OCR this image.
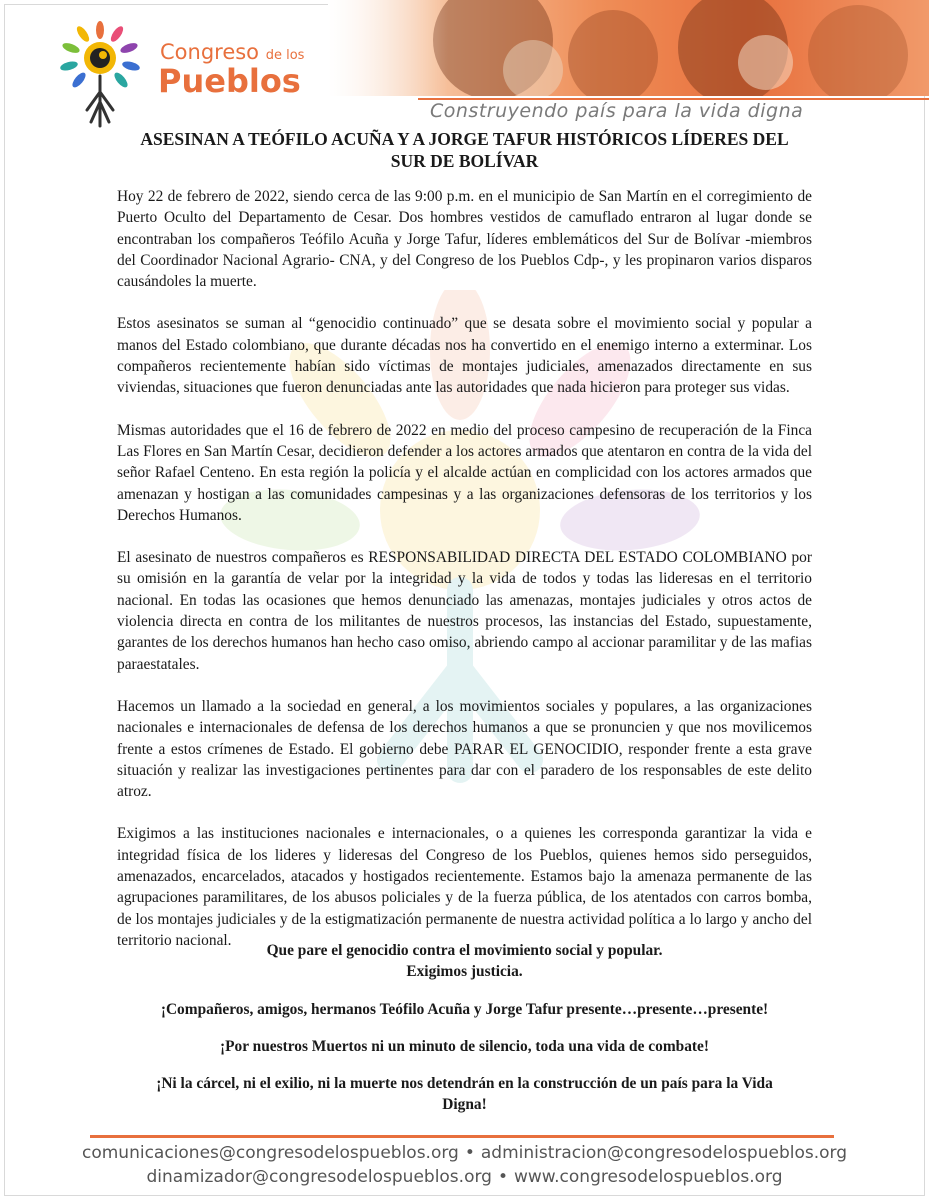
Construyendo país para la vida digna
Congreso de los
Pueblos
ASESINAN A TEÓFILO ACUÑA Y A JORGE TAFUR HISTÓRICOS LÍDERES DEL
SUR DE BOLÍVAR

Hoy 22 de febrero de 2022, siendo cerca de las 9:00 p.m. en el municipio de San Martín en el corregimiento de Puerto Oculto del Departamento de Cesar. Dos hombres vestidos de camuflado entraron al lugar donde se encontraban los compañeros Teófilo Acuña y Jorge Tafur, líderes emblemáticos del Sur de Bolívar -miembros del Coordinador Nacional Agrario- CNA, y del Congreso de los Pueblos Cdp-, y les propinaron varios disparos causándoles la muerte.

Estos asesinatos se suman al “genocidio continuado” que se desata sobre el movimiento social y popular a manos del Estado colombiano, que durante décadas nos ha convertido en el enemigo interno a exterminar. Los compañeros recientemente habían sido víctimas de montajes judiciales, amenazados directamente en sus viviendas, situaciones que fueron denunciadas ante las autoridades que nada hicieron para proteger sus vidas.

Mismas autoridades que el 16 de febrero de 2022 en medio del proceso campesino de recuperación de la Finca Las Flores en San Martín Cesar, decidieron defender a los actores armados que atentaron en contra de la vida del señor Rafael Centeno. En esta región la policía y el alcalde actúan en complicidad con los actores armados que amenazan y hostigan a las comunidades campesinas y a las organizaciones defensoras de los territorios y los Derechos Humanos.

El asesinato de nuestros compañeros es RESPONSABILIDAD DIRECTA DEL ESTADO COLOMBIANO por su omisión en la garantía de velar por la integridad y la vida de todos y todas las lideresas en el territorio nacional. En todas las ocasiones que hemos denunciado las amenazas, montajes judiciales y otros actos de violencia directa en contra de los militantes de nuestros procesos, las instancias del Estado, supuestamente, garantes de los derechos humanos han hecho caso omiso, abriendo campo al accionar paramilitar y de las mafias paraestatales.

Hacemos un llamado a la sociedad en general, a los movimientos sociales y populares, a las organizaciones nacionales e internacionales de defensa de los derechos humanos a que se pronuncien y que nos movilicemos frente a estos crímenes de Estado. El gobierno debe PARAR EL GENOCIDIO, responder frente a esta grave situación y realizar las investigaciones pertinentes para dar con el paradero de los responsables de este delito atroz.

Exigimos a las instituciones nacionales e internacionales, o a quienes les corresponda garantizar la vida e integridad física de los lideres y lideresas del Congreso de los Pueblos, quienes hemos sido perseguidos, amenazados, encarcelados, atacados y hostigados recientemente. Estamos bajo la amenaza permanente de las agrupaciones paramilitares, de los abusos policiales y de la fuerza pública, de los atentados con carros bomba, de los montajes judiciales y de la estigmatización permanente de nuestra actividad política a lo largo y ancho del territorio nacional.

Que pare el genocidio contra el movimiento social y popular.
Exigimos justicia.

¡Compañeros, amigos, hermanos Teófilo Acuña y Jorge Tafur presente…presente…presente!

¡Por nuestros Muertos ni un minuto de silencio, toda una vida de combate!

¡Ni la cárcel, ni el exilio, ni la muerte nos detendrán en la construcción de un país para la Vida
Digna!

comunicaciones@congresodelospueblos.org • administracion@congresodelospueblos.org
dinamizador@congresodelospueblos.org • www.congresodelospueblos.org
